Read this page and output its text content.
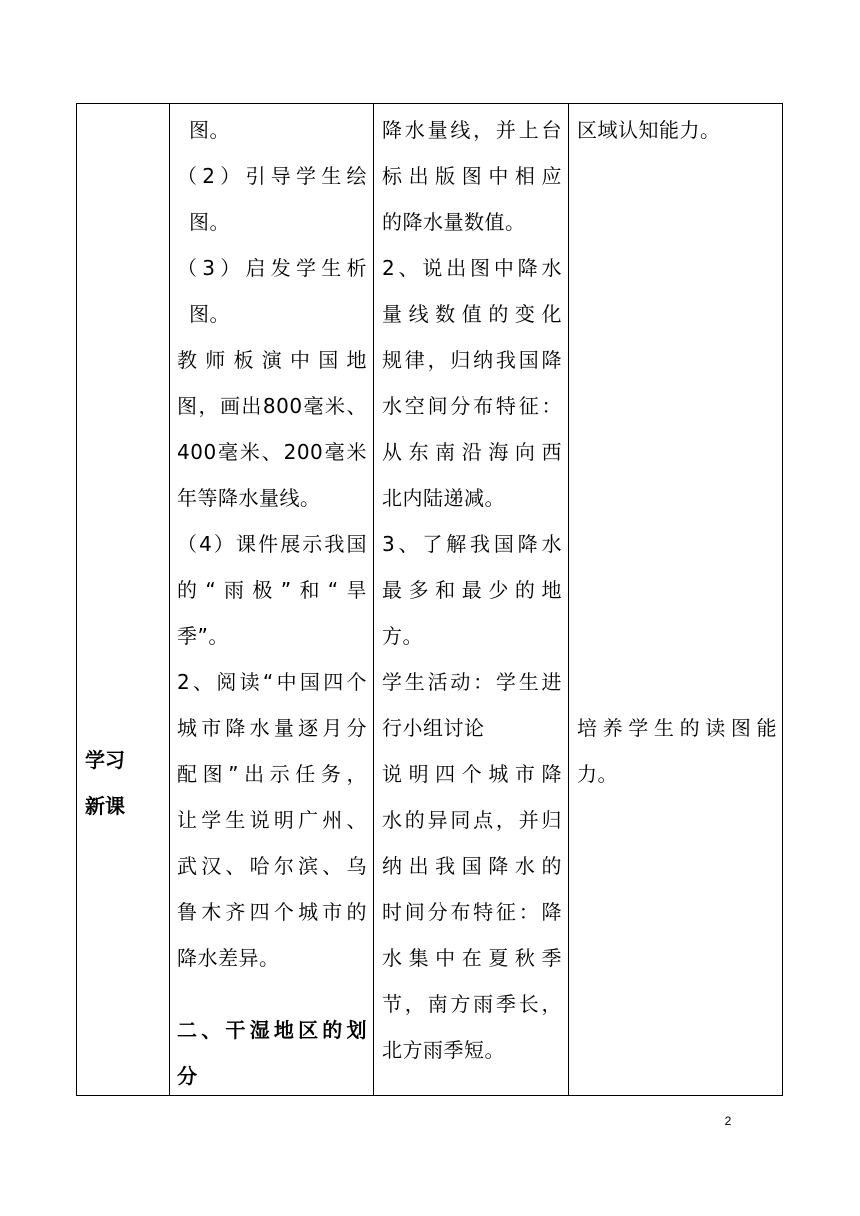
学习
新课
图。
（2）引导学生绘
图。
（3）启发学生析
图。
教师板演中国地
图，画出800毫米、
400毫米、200毫米
年等降水量线。
（4）课件展示我国
的“雨极”和“旱
季”。
2、阅读“中国四个
城市降水量逐月分
配图”出示任务，
让学生说明广州、
武汉、哈尔滨、乌
鲁木齐四个城市的
降水差异。
二、干湿地区的划
分
降水量线，并上台
标出版图中相应
的降水量数值。
2、说出图中降水
量线数值的变化
规律，归纳我国降
水空间分布特征：
从东南沿海向西
北内陆递减。
3、了解我国降水
最多和最少的地
方。
学生活动：学生进
行小组讨论
说明四个城市降
水的异同点，并归
纳出我国降水的
时间分布特征：降
水集中在夏秋季
节，南方雨季长，
北方雨季短。
区域认知能力。
培养学生的读图能
力。
2
